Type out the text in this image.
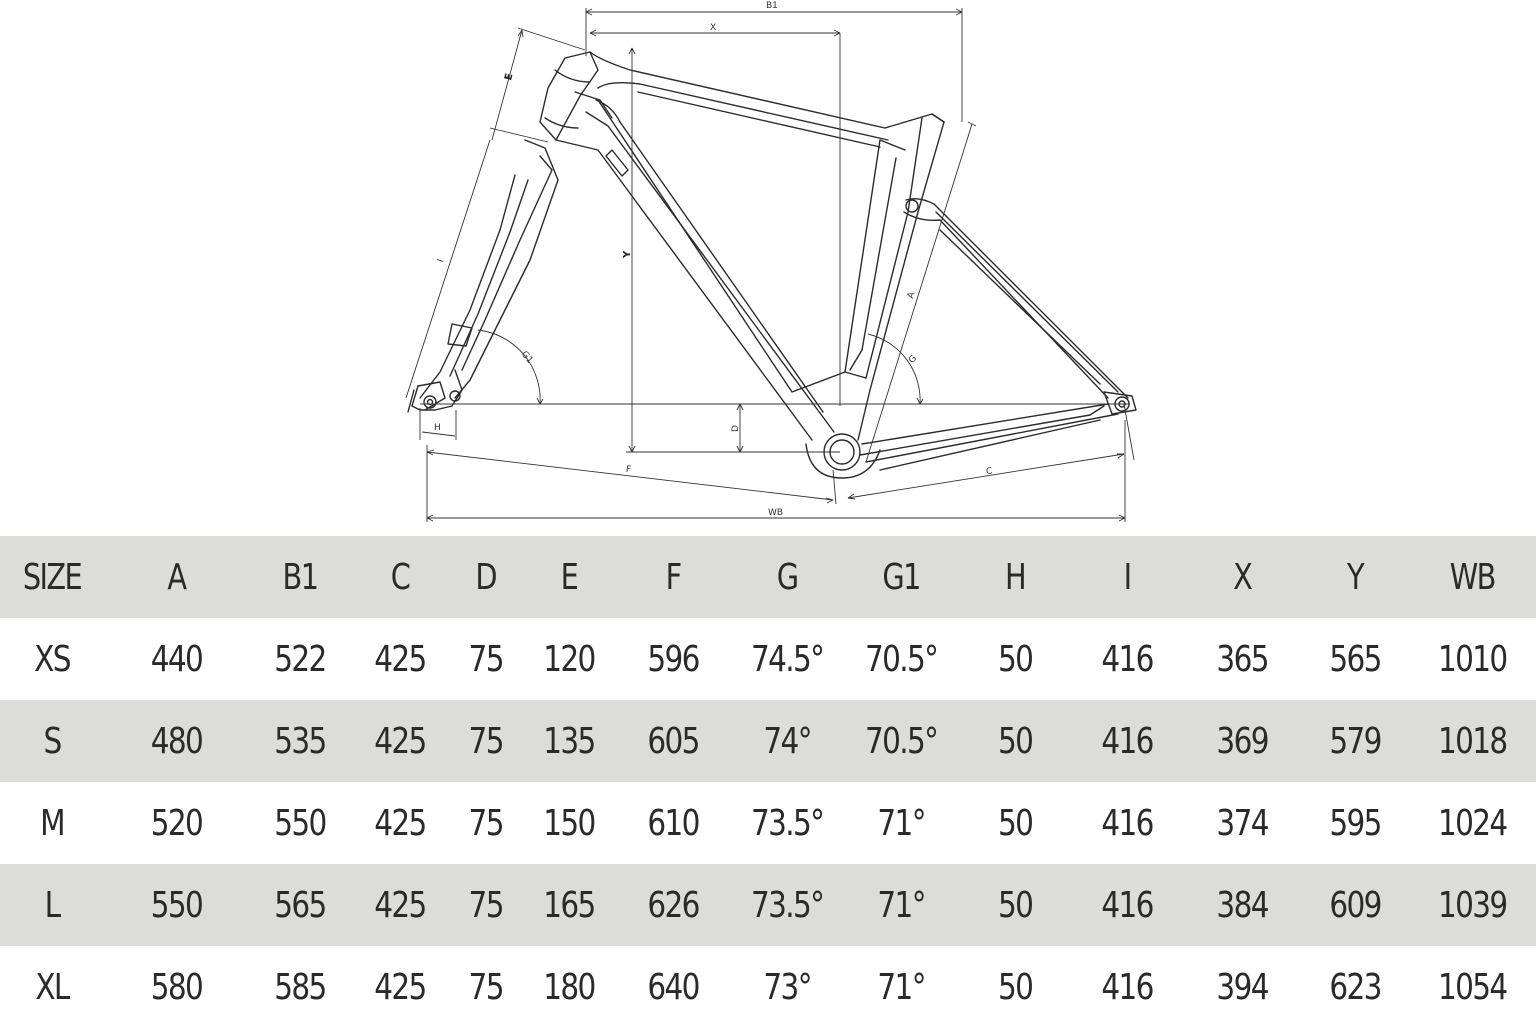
B1
X
E
Y
I
G1	G
A
D
H
F	C
WB
SIZE	A	B1	C	D	E	F	G	G1	H	I	X	Y	WB
XS	440	522	425	75	120	596	74.5°	70.5°	50	416	365	565	1010
S	480	535	425	75	135	605	74°	70.5°	50	416	369	579	1018
M	520	550	425	75	150	610	73.5°	71°	50	416	374	595	1024
L	550	565	425	75	165	626	73.5°	71°	50	416	384	609	1039
XL	580	585	425	75	180	640	73°	71°	50	416	394	623	1054
